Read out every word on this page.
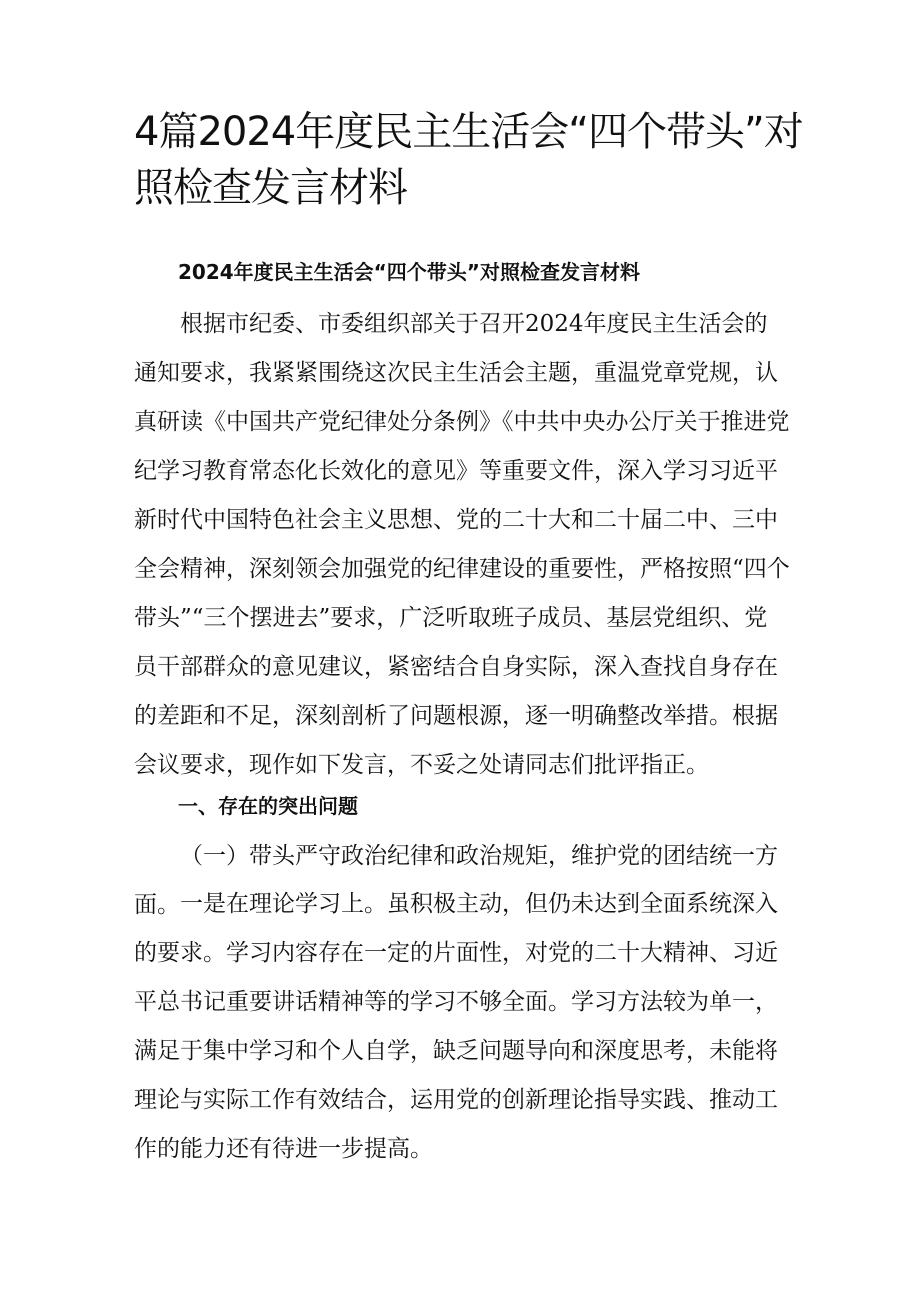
4篇2024年度民主生活会“四个带头”对照检查发言材料
2024年度民主生活会“四个带头”对照检查发言材料

根据市纪委、市委组织部关于召开2024年度民主生活会的通知要求，我紧紧围绕这次民主生活会主题，重温党章党规，认真研读《中国共产党纪律处分条例》《中共中央办公厅关于推进党纪学习教育常态化长效化的意见》等重要文件，深入学习习近平新时代中国特色社会主义思想、党的二十大和二十届二中、三中全会精神，深刻领会加强党的纪律建设的重要性，严格按照“四个带头”“三个摆进去”要求，广泛听取班子成员、基层党组织、党员干部群众的意见建议，紧密结合自身实际，深入查找自身存在的差距和不足，深刻剖析了问题根源，逐一明确整改举措。根据会议要求，现作如下发言，不妥之处请同志们批评指正。

一、存在的突出问题

（一）带头严守政治纪律和政治规矩，维护党的团结统一方面。 一是在理论学习上。虽积极主动，但仍未达到全面系统深入的要求。学习内容存在一定的片面性，对党的二十大精神、习近平总书记重要讲话精神等的学习不够全面。学习方法较为单一，满足于集中学习和个人自学，缺乏问题导向和深度思考，未能将理论与实际工作有效结合，运用党的创新理论指导实践、推动工作的能力还有待进一步提高。
